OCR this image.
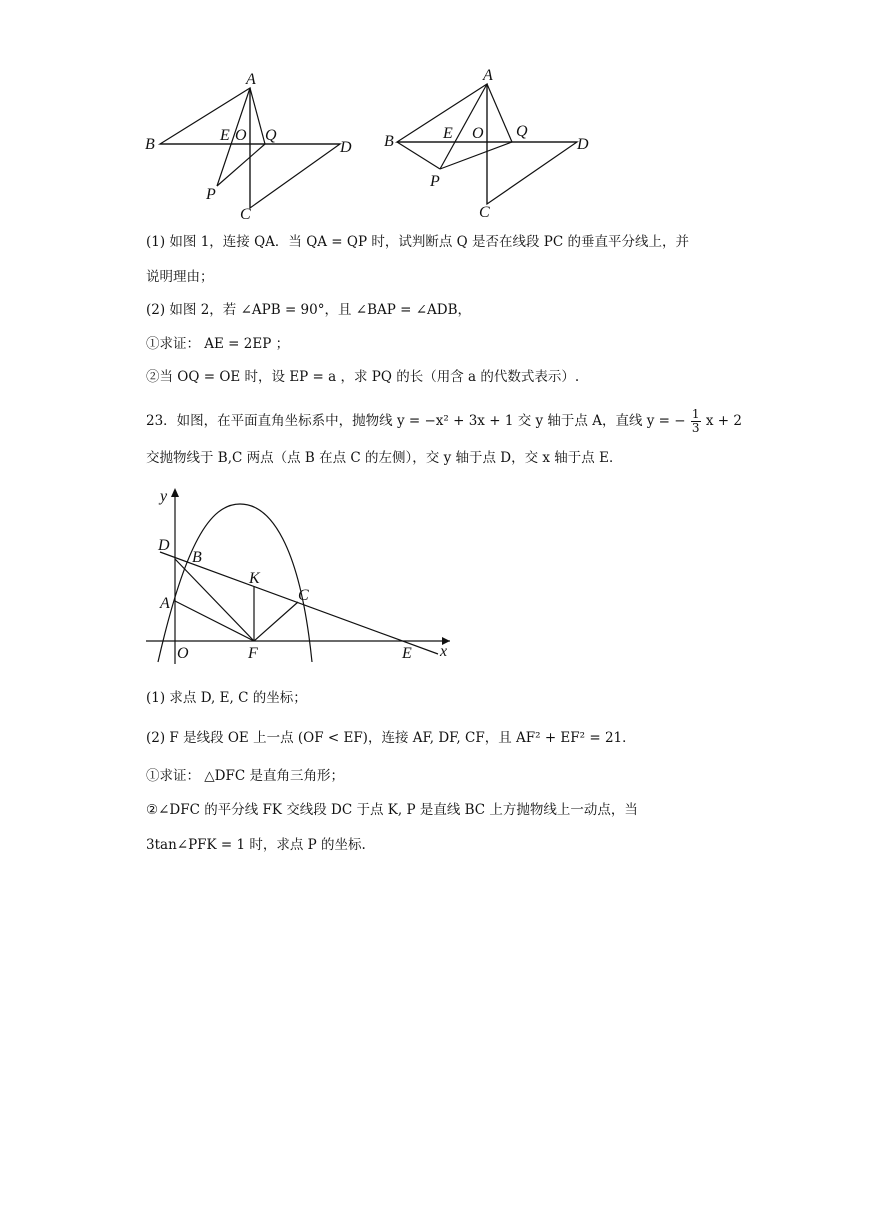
A
B	D
C
E O Q
P
A
B	D
C
E O Q
P
(1) 如图 1，连接 QA．当 QA = QP 时，试判断点 Q 是否在线段 PC 的垂直平分线上，并
说明理由；
(2) 如图 2，若 ∠APB = 90°，且 ∠BAP = ∠ADB，
①求证： AE = 2EP ；
②当 OQ = OE 时，设 EP = a ，求 PQ 的长（用含 a 的代数式表示）.
23．如图，在平面直角坐标系中，抛物线 y = −x² + 3x + 1 交 y 轴于点 A，直线 y = − $\frac{1}{3}$ x + 2
交抛物线于 B,C 两点（点 B 在点 C 的左侧），交 y 轴于点 D，交 x 轴于点 E．
y
x
D
B
K
A	C
O	F	E
(1) 求点 D, E, C 的坐标；
(2) F 是线段 OE 上一点 (OF < EF)，连接 AF, DF, CF，且 AF² + EF² = 21．
①求证： △DFC 是直角三角形；
②∠DFC 的平分线 FK 交线段 DC 于点 K, P 是直线 BC 上方抛物线上一动点，当
3tan∠PFK = 1 时，求点 P 的坐标.
